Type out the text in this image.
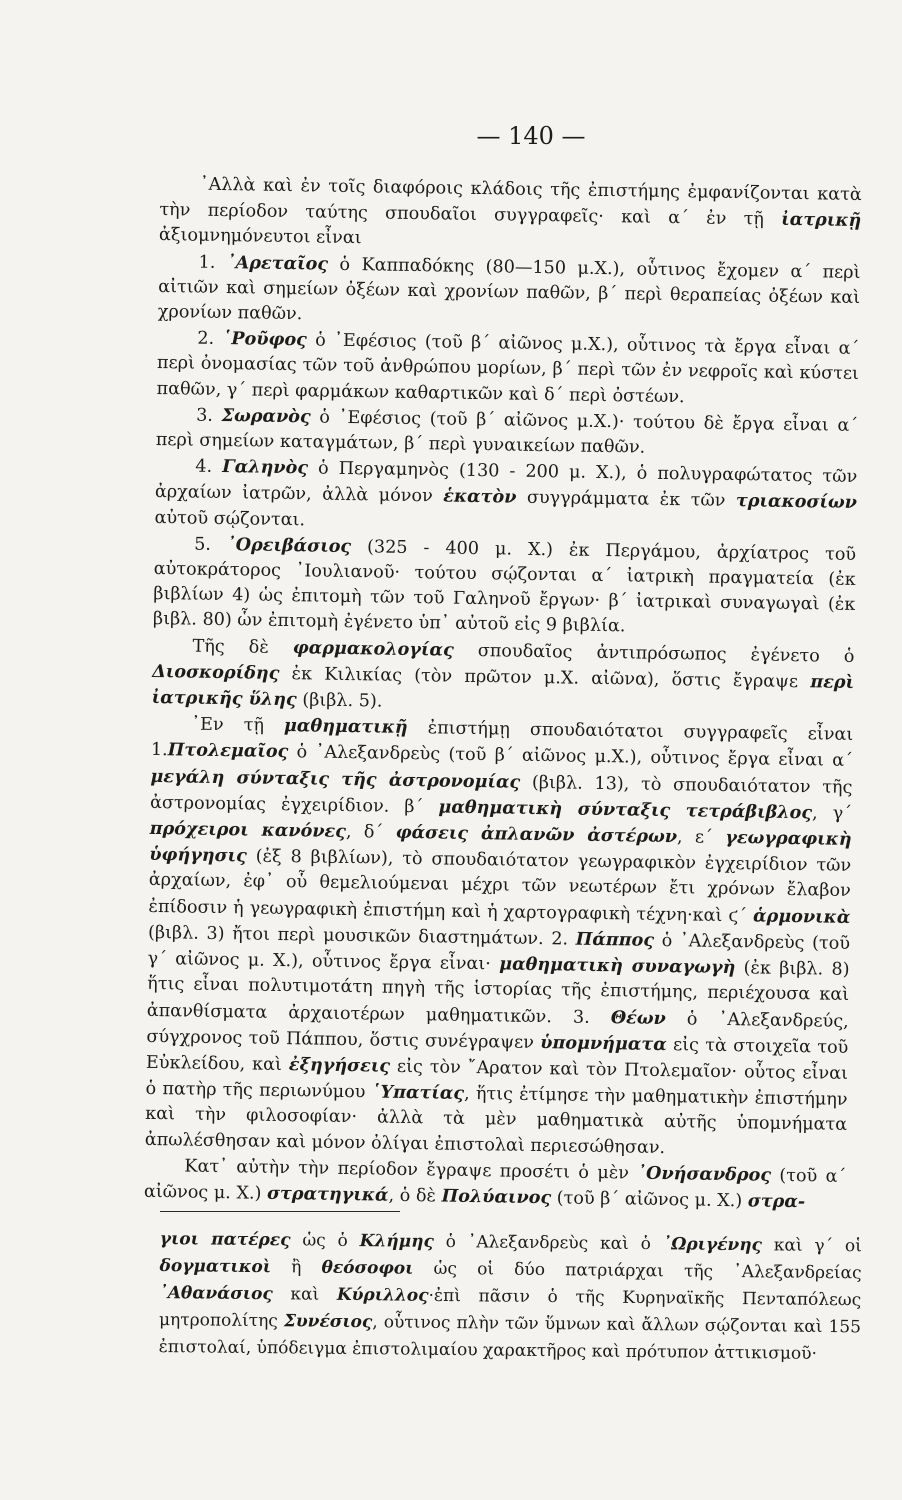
— 140 —

᾿Αλλὰ καὶ ἐν τοῖς διαφόροις κλάδοις τῆς ἐπιστήμης ἐμφανίζονται κατὰ τὴν περίοδον ταύτης σπουδαῖοι συγγραφεῖς· καὶ α΄ ἐν τῇ ἰατρικῇ ἀξιομνημόνευτοι εἶναι

1. ᾿Αρεταῖος ὁ Καππαδόκης (80—150 μ.Χ.), οὗτινος ἔχομεν α΄ περὶ αἰτιῶν καὶ σημείων ὀξέων καὶ χρονίων παθῶν, β΄ περὶ θεραπείας ὀξέων καὶ χρονίων παθῶν.

2. ῾Ροῦφος ὁ ᾿Εφέσιος (τοῦ β΄ αἰῶνος μ.Χ.), οὗτινος τὰ ἔργα εἶναι α΄ περὶ ὀνομασίας τῶν τοῦ ἀνθρώπου μορίων, β΄ περὶ τῶν ἐν νεφροῖς καὶ κύστει παθῶν, γ΄ περὶ φαρμάκων καθαρτικῶν καὶ δ΄ περὶ ὀστέων.

3. Σωρανὸς ὁ ᾿Εφέσιος (τοῦ β΄ αἰῶνος μ.Χ.)· τούτου δὲ ἔργα εἶναι α΄ περὶ σημείων καταγμάτων, β΄ περὶ γυναικείων παθῶν.

4. Γαληνὸς ὁ Περγαμηνὸς (130 - 200 μ. Χ.), ὁ πολυγραφώτατος τῶν ἀρχαίων ἰατρῶν, ἀλλὰ μόνον ἑκατὸν συγγράμματα ἐκ τῶν τριακοσίων αὐτοῦ σῴζονται.

5. ᾿Ορειβάσιος (325 - 400 μ. Χ.) ἐκ Περγάμου, ἀρχίατρος τοῦ αὐτοκράτορος ᾿Ιουλιανοῦ· τούτου σῴζονται α΄ ἰατρικὴ πραγματεία (ἐκ βιβλίων 4) ὡς ἐπιτομὴ τῶν τοῦ Γαληνοῦ ἔργων· β΄ ἰατρικαὶ συναγωγαὶ (ἐκ βιβλ. 80) ὧν ἐπιτομὴ ἐγένετο ὑπ᾿ αὐτοῦ εἰς 9 βιβλία.

Τῆς δὲ φαρμακολογίας σπουδαῖος ἀντιπρόσωπος ἐγένετο ὁ Διοσκορίδης ἐκ Κιλικίας (τὸν πρῶτον μ.Χ. αἰῶνα), ὅστις ἔγραψε περὶ ἰατρικῆς ὕλης (βιβλ. 5).

᾿Εν τῇ μαθηματικῇ ἐπιστήμῃ σπουδαιότατοι συγγραφεῖς εἶναι 1.Πτολεμαῖος ὁ ᾿Αλεξανδρεὺς (τοῦ β΄ αἰῶνος μ.Χ.), οὗτινος ἔργα εἶναι α΄ μεγάλη σύνταξις τῆς ἀστρονομίας (βιβλ. 13), τὸ σπουδαιότατον τῆς ἀστρονομίας ἐγχειρίδιον. β΄ μαθηματικὴ σύνταξις τετράβιβλος, γ΄ πρόχειροι κανόνες, δ΄ φάσεις ἀπλανῶν ἀστέρων, ε΄ γεωγραφικὴ ὑφήγησις (ἐξ 8 βιβλίων), τὸ σπουδαιότατον γεωγραφικὸν ἐγχειρίδιον τῶν ἀρχαίων, ἐφ᾿ οὗ θεμελιούμεναι μέχρι τῶν νεωτέρων ἔτι χρόνων ἔλαβον ἐπίδοσιν ἡ γεωγραφικὴ ἐπιστήμη καὶ ἡ χαρτογραφικὴ τέχνη·καὶ ϛ΄ ἁρμονικὰ (βιβλ. 3) ἤτοι περὶ μουσικῶν διαστημάτων. 2. Πάππος ὁ ᾿Αλεξανδρεὺς (τοῦ γ΄ αἰῶνος μ. Χ.), οὗτινος ἔργα εἶναι· μαθηματικὴ συναγωγὴ (ἐκ βιβλ. 8) ἥτις εἶναι πολυτιμοτάτη πηγὴ τῆς ἱστορίας τῆς ἐπιστήμης, περιέχουσα καὶ ἀπανθίσματα ἀρχαιοτέρων μαθηματικῶν. 3. Θέων ὁ ᾿Αλεξανδρεύς, σύγχρονος τοῦ Πάππου, ὅστις συνέγραψεν ὑπομνήματα εἰς τὰ στοιχεῖα τοῦ Εὐκλείδου, καὶ ἐξηγήσεις εἰς τὸν ῎Αρατον καὶ τὸν Πτολεμαῖον· οὗτος εἶναι ὁ πατὴρ τῆς περιωνύμου ῾Υπατίας, ἥτις ἐτίμησε τὴν μαθηματικὴν ἐπιστήμην καὶ τὴν φιλοσοφίαν· ἀλλὰ τὰ μὲν μαθηματικὰ αὐτῆς ὑπομνήματα ἀπωλέσθησαν καὶ μόνον ὀλίγαι ἐπιστολαὶ περιεσώθησαν.

Κατ᾿ αὐτὴν τὴν περίοδον ἔγραψε προσέτι ὁ μὲν ᾿Ονήσανδρος (τοῦ α΄ αἰῶνος μ. Χ.) στρατηγικά, ὁ δὲ Πολύαινος (τοῦ β΄ αἰῶνος μ. Χ.) στρα-

γιοι πατέρες ὡς ὁ Κλήμης ὁ ᾿Αλεξανδρεὺς καὶ ὁ ᾿Ωριγένης καὶ γ΄ οἱ δογματικοὶ ἢ θεόσοφοι ὡς οἱ δύο πατριάρχαι τῆς ᾿Αλεξανδρείας ᾿Αθανάσιος καὶ Κύριλλος·ἐπὶ πᾶσιν ὁ τῆς Κυρηναϊκῆς Πενταπόλεως μητροπολίτης Συνέσιος, οὗτινος πλὴν τῶν ὕμνων καὶ ἄλλων σῴζονται καὶ 155 ἐπιστολαί, ὑπόδειγμα ἐπιστολιμαίου χαρακτῆρος καὶ πρότυπον ἀττικισμοῦ·
